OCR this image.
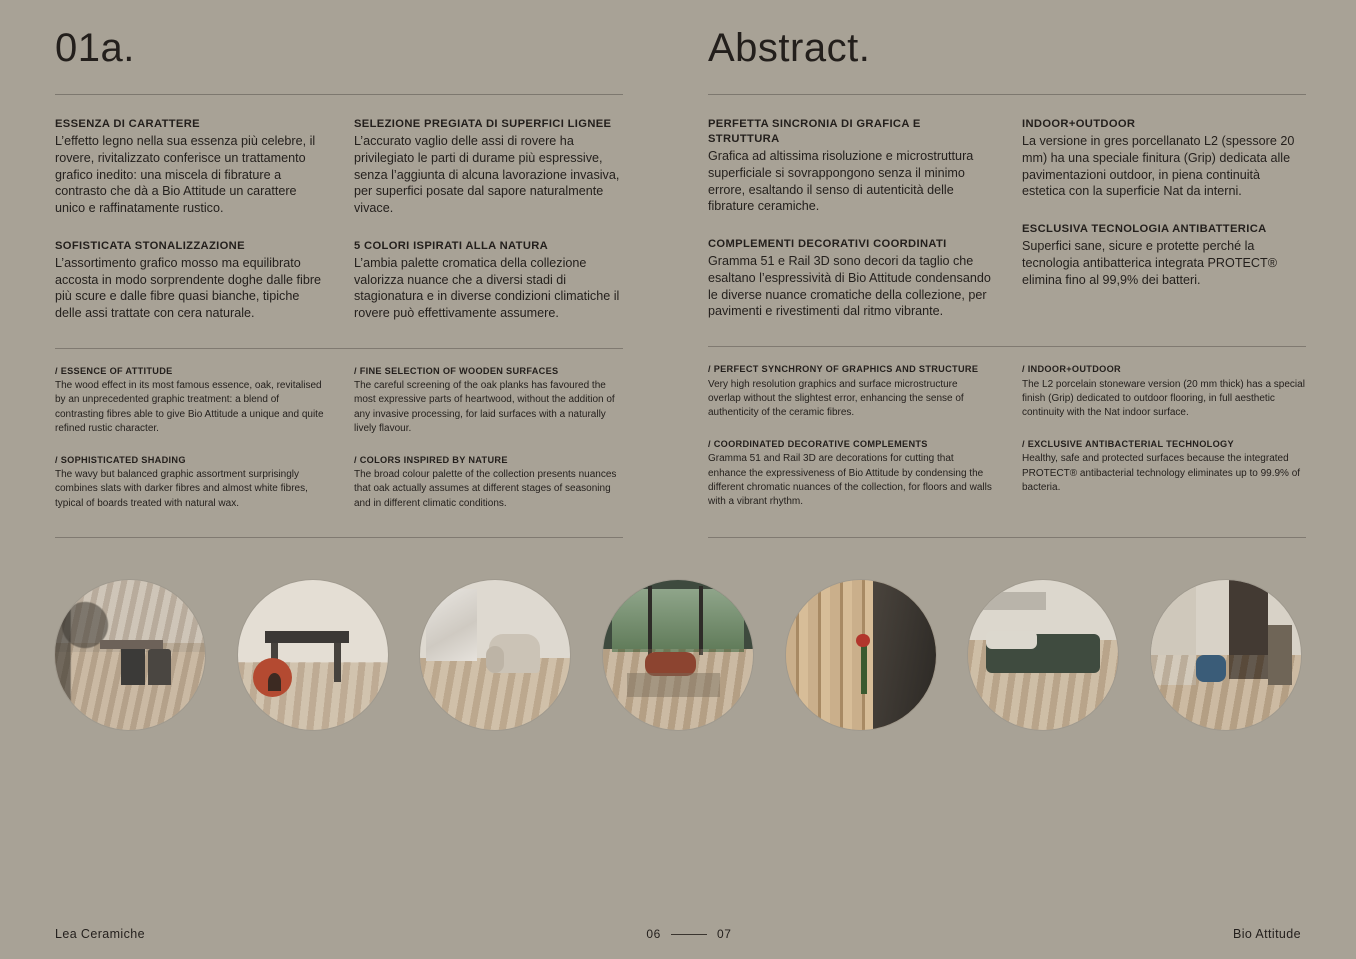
01a.
ESSENZA DI CARATTERE

L’effetto legno nella sua essenza più celebre, il rovere, rivitalizzato conferisce un trattamento grafico inedito: una miscela di fibrature a contrasto che dà a Bio Attitude un carattere unico e raffinatamente rustico.

SOFISTICATA STONALIZZAZIONE

L’assortimento grafico mosso ma equilibrato accosta in modo sorprendente doghe dalle fibre più scure e dalle fibre quasi bianche, tipiche delle assi trattate con cera naturale.

SELEZIONE PREGIATA DI SUPERFICI LIGNEE

L’accurato vaglio delle assi di rovere ha privilegiato le parti di durame più espressive, senza l’aggiunta di alcuna lavorazione invasiva, per superfici posate dal sapore naturalmente vivace.

5 COLORI ISPIRATI ALLA NATURA

L’ambia palette cromatica della collezione valorizza nuance che a diversi stadi di stagionatura e in diverse condizioni climatiche il rovere può effettivamente assumere.

/ ESSENCE OF ATTITUDE

The wood effect in its most famous essence, oak, revitalised by an unprecedented graphic treatment: a blend of contrasting fibres able to give Bio Attitude a unique and quite refined rustic character.

/ SOPHISTICATED SHADING

The wavy but balanced graphic assortment surprisingly combines slats with darker fibres and almost white fibres, typical of boards treated with natural wax.

/ FINE SELECTION OF WOODEN SURFACES

The careful screening of the oak planks has favoured the most expressive parts of heartwood, without the addition of any invasive processing, for laid surfaces with a naturally lively flavour.

/ COLORS INSPIRED BY NATURE

The broad colour palette of the collection presents nuances that oak actually assumes at different stages of seasoning and in different climatic conditions.

Abstract.
PERFETTA SINCRONIA DI GRAFICA E STRUTTURA

Grafica ad altissima risoluzione e microstruttura superficiale si sovrappongono senza il minimo errore, esaltando il senso di autenticità delle fibrature ceramiche.

COMPLEMENTI DECORATIVI COORDINATI

Gramma 51 e Rail 3D sono decori da taglio che esaltano l’espressività di Bio Attitude condensando le diverse nuance cromatiche della collezione, per pavimenti e rivestimenti dal ritmo vibrante.

INDOOR+OUTDOOR

La versione in gres porcellanato L2 (spessore 20 mm) ha una speciale finitura (Grip) dedicata alle pavimentazioni outdoor, in piena continuità estetica con la superficie Nat da interni.

ESCLUSIVA TECNOLOGIA ANTIBATTERICA

Superfici sane, sicure e protette perché la tecnologia antibatterica integrata PROTECT® elimina fino al 99,9% dei batteri.

/ PERFECT SYNCHRONY OF GRAPHICS AND STRUCTURE

Very high resolution graphics and surface microstructure overlap without the slightest error, enhancing the sense of authenticity of the ceramic fibres.

/ COORDINATED DECORATIVE COMPLEMENTS

Gramma 51 and Rail 3D are decorations for cutting that enhance the expressiveness of Bio Attitude by condensing the different chromatic nuances of the collection, for floors and walls with a vibrant rhythm.

/ INDOOR+OUTDOOR

The L2 porcelain stoneware version (20 mm thick) has a special finish (Grip) dedicated to outdoor flooring, in full aesthetic continuity with the Nat indoor surface.

/ EXCLUSIVE ANTIBACTERIAL TECHNOLOGY

Healthy, safe and protected surfaces because the integrated PROTECT® antibacterial technology eliminates up to 99.9% of bacteria.

Lea Ceramiche	06	07	Bio Attitude
